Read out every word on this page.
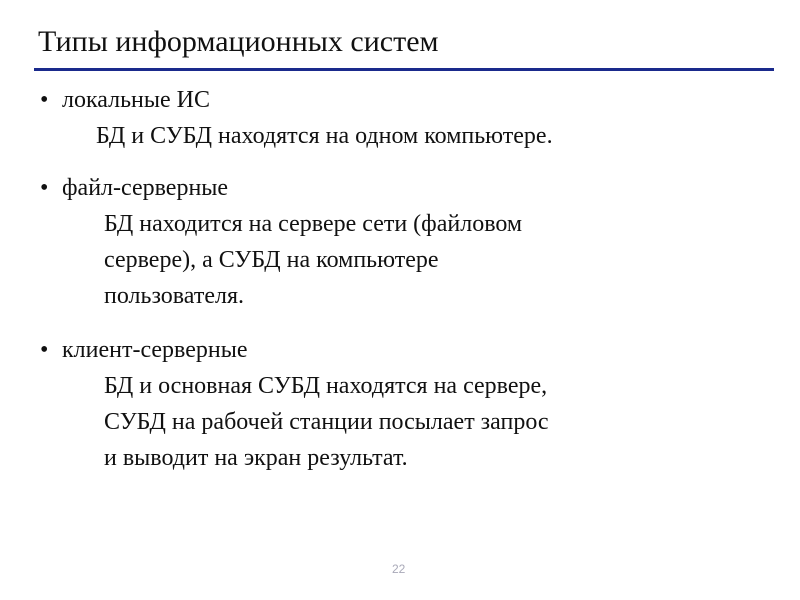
Типы информационных систем
• локальные ИС
БД и СУБД находятся на одном компьютере.
• файл-серверные
БД находится на сервере сети (файловом
сервере), а СУБД на компьютере
пользователя.
• клиент-серверные
БД и основная СУБД находятся на сервере,
СУБД на рабочей станции посылает запрос
и выводит на экран результат.
22
